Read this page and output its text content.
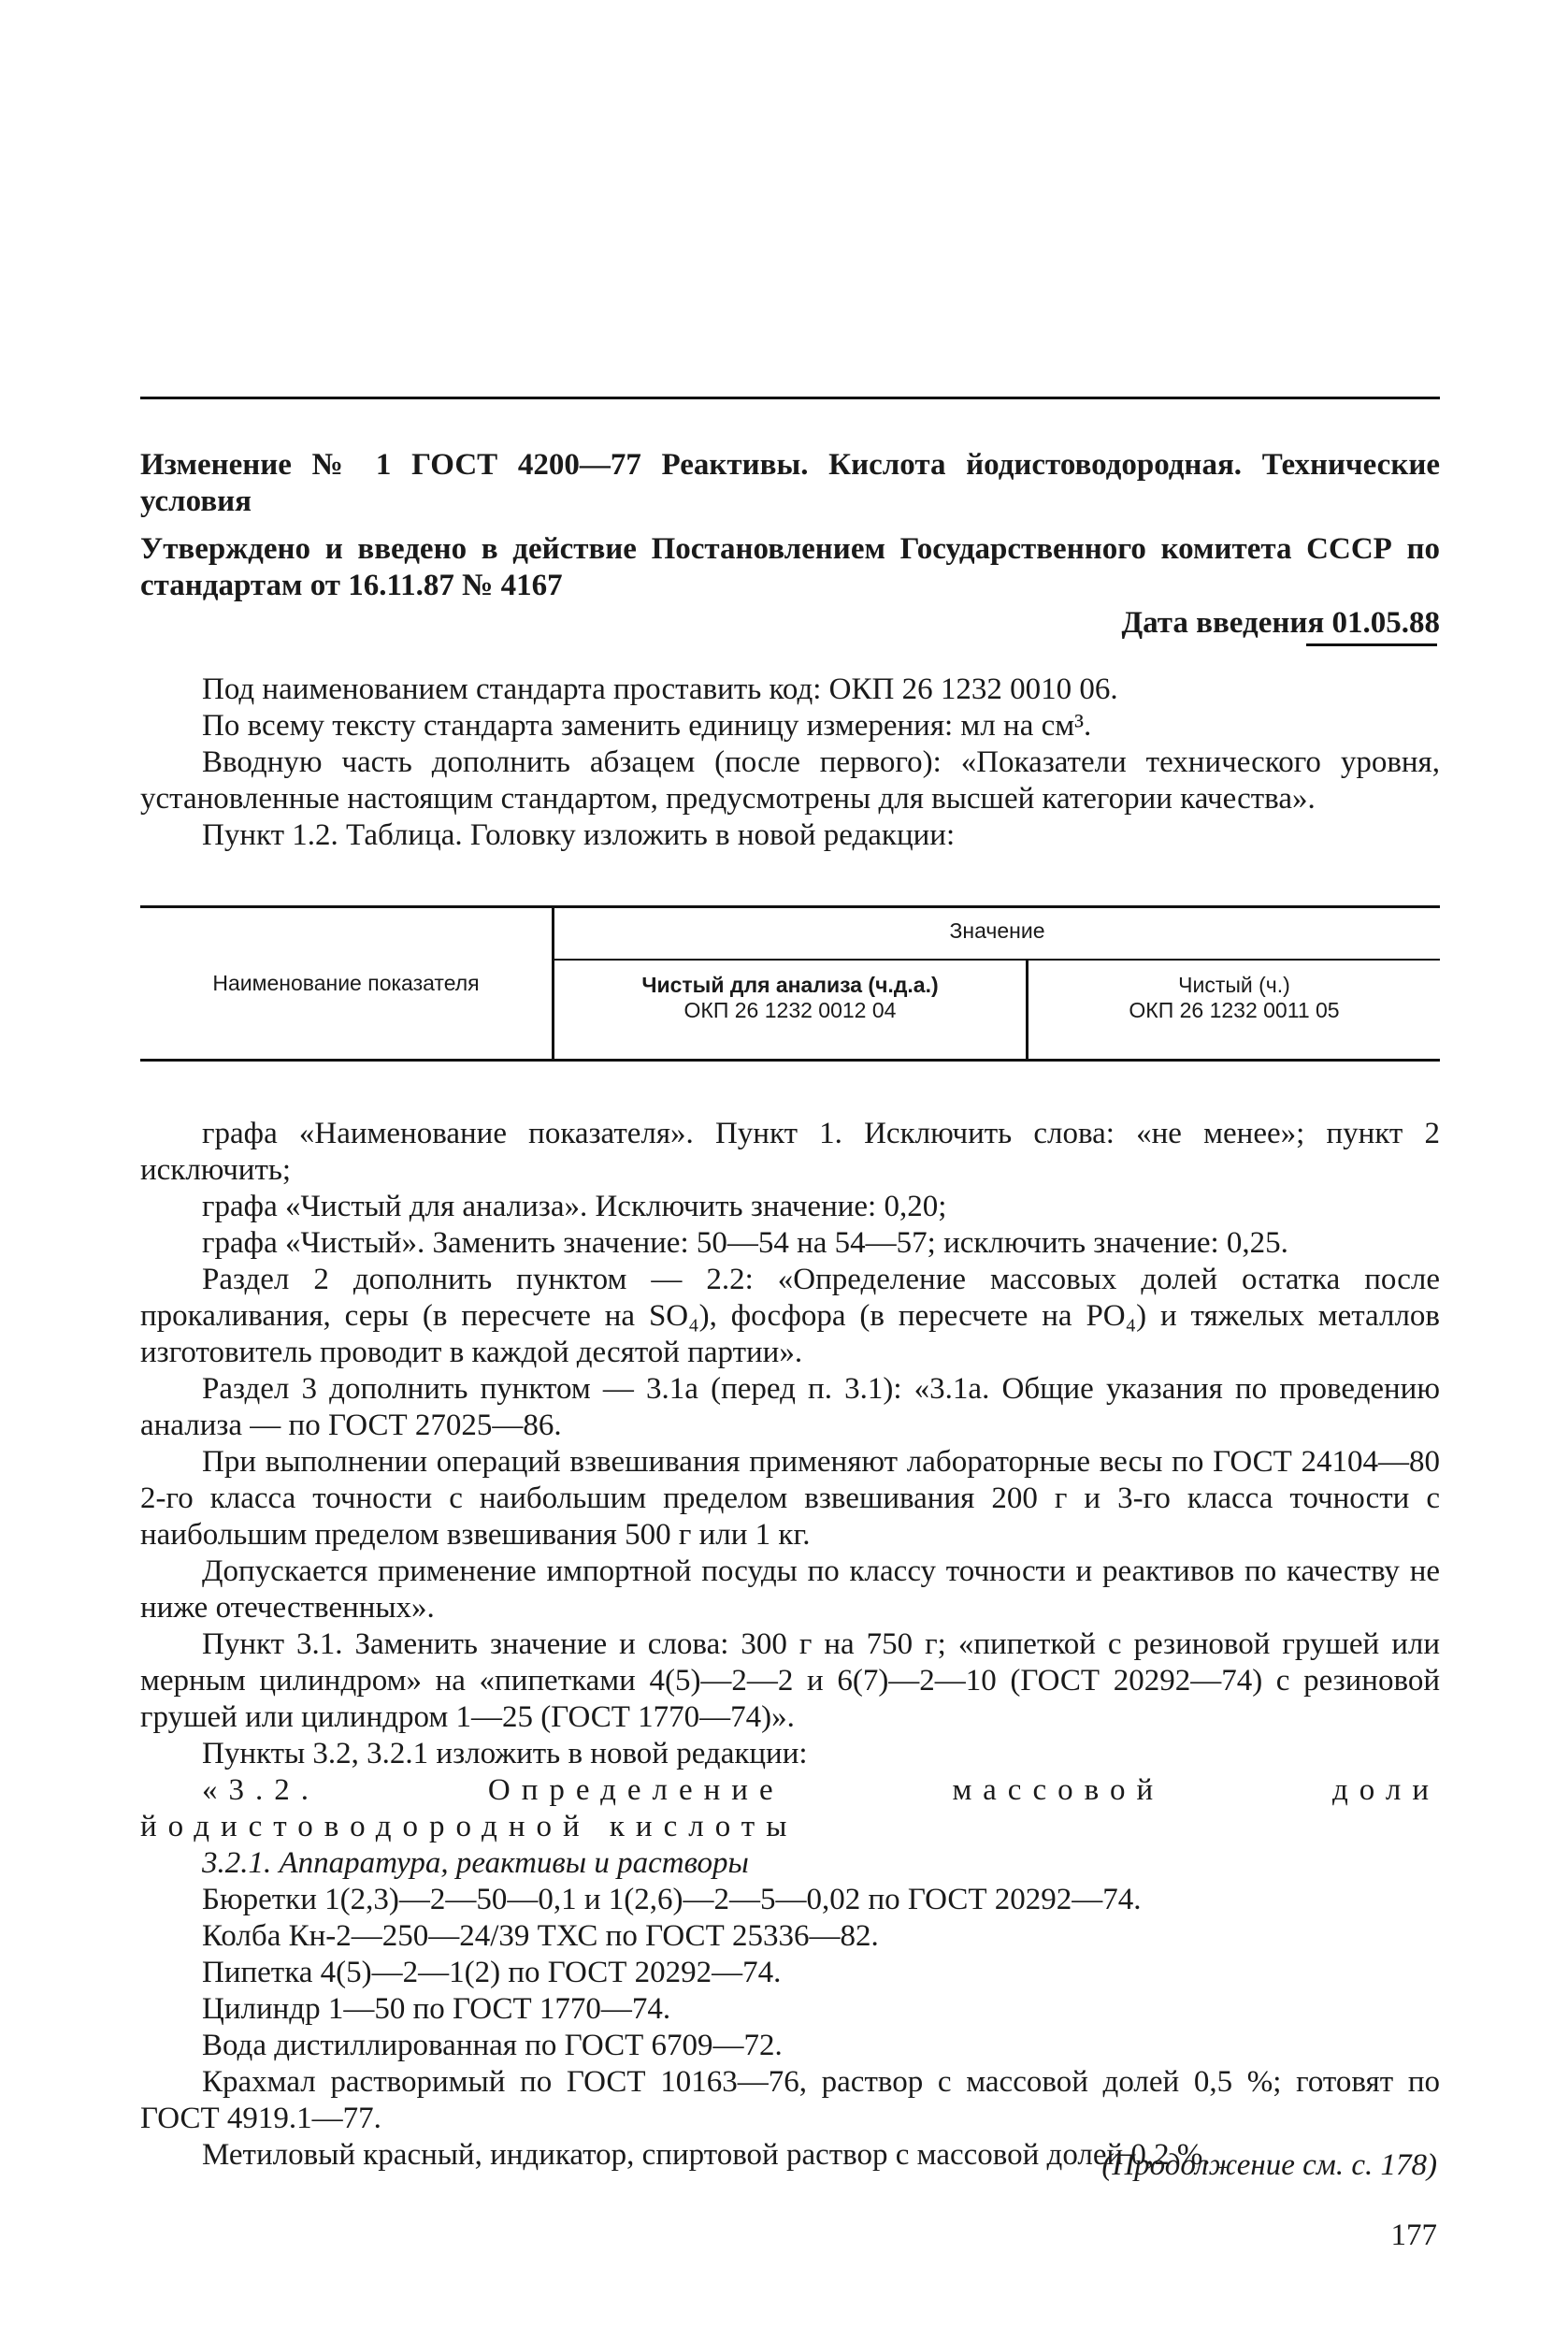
Изменение № 1 ГОСТ 4200—77 Реактивы. Кислота йодистоводородная. Технические условия
Утверждено и введено в действие Постановлением Государственного комитета СССР по стандартам от 16.11.87 № 4167
Дата введения 01.05.88

Под наименованием стандарта проставить код: ОКП 26 1232 0010 06.

По всему тексту стандарта заменить единицу измерения: мл на см³.

Вводную часть дополнить абзацем (после первого): «Показатели технического уровня, установленные настоящим стандартом, предусмотрены для высшей категории качества».

Пункт 1.2. Таблица. Головку изложить в новой редакции:

Наименование показателя
Значение
Чистый для анализа (ч.д.а.)
ОКП 26 1232 0012 04
Чистый (ч.)
ОКП 26 1232 0011 05

графа «Наименование показателя». Пункт 1. Исключить слова: «не менее»; пункт 2 исключить;

графа «Чистый для анализа». Исключить значение: 0,20;

графа «Чистый». Заменить значение: 50—54 на 54—57; исключить значение: 0,25.

Раздел 2 дополнить пунктом — 2.2: «Определение массовых долей остатка после прокаливания, серы (в пересчете на SO₄), фосфора (в пересчете на PO₄) и тяжелых металлов изготовитель проводит в каждой десятой партии».

Раздел 3 дополнить пунктом — 3.1а (перед п. 3.1): «3.1а. Общие указания по проведению анализа — по ГОСТ 27025—86.

При выполнении операций взвешивания применяют лабораторные весы по ГОСТ 24104—80 2-го класса точности с наибольшим пределом взвешивания 200 г и 3-го класса точности с наибольшим пределом взвешивания 500 г или 1 кг.

Допускается применение импортной посуды по классу точности и реактивов по качеству не ниже отечественных».

Пункт 3.1. Заменить значение и слова: 300 г на 750 г; «пипеткой с резиновой грушей или мерным цилиндром» на «пипетками 4(5)—2—2 и 6(7)—2—10 (ГОСТ 20292—74) с резиновой грушей или цилиндром 1—25 (ГОСТ 1770—74)».

Пункты 3.2, 3.2.1 изложить в новой редакции:

«3.2. Определение массовой доли йодистоводородной кислоты

3.2.1. Аппаратура, реактивы и растворы

Бюретки 1(2,3)—2—50—0,1 и 1(2,6)—2—5—0,02 по ГОСТ 20292—74.

Колба Кн-2—250—24/39 ТХС по ГОСТ 25336—82.

Пипетка 4(5)—2—1(2) по ГОСТ 20292—74.

Цилиндр 1—50 по ГОСТ 1770—74.

Вода дистиллированная по ГОСТ 6709—72.

Крахмал растворимый по ГОСТ 10163—76, раствор с массовой долей 0,5 %; готовят по ГОСТ 4919.1—77.

Метиловый красный, индикатор, спиртовой раствор с массовой долей 0,2 %.

(Продолжение см. с. 178)
177
